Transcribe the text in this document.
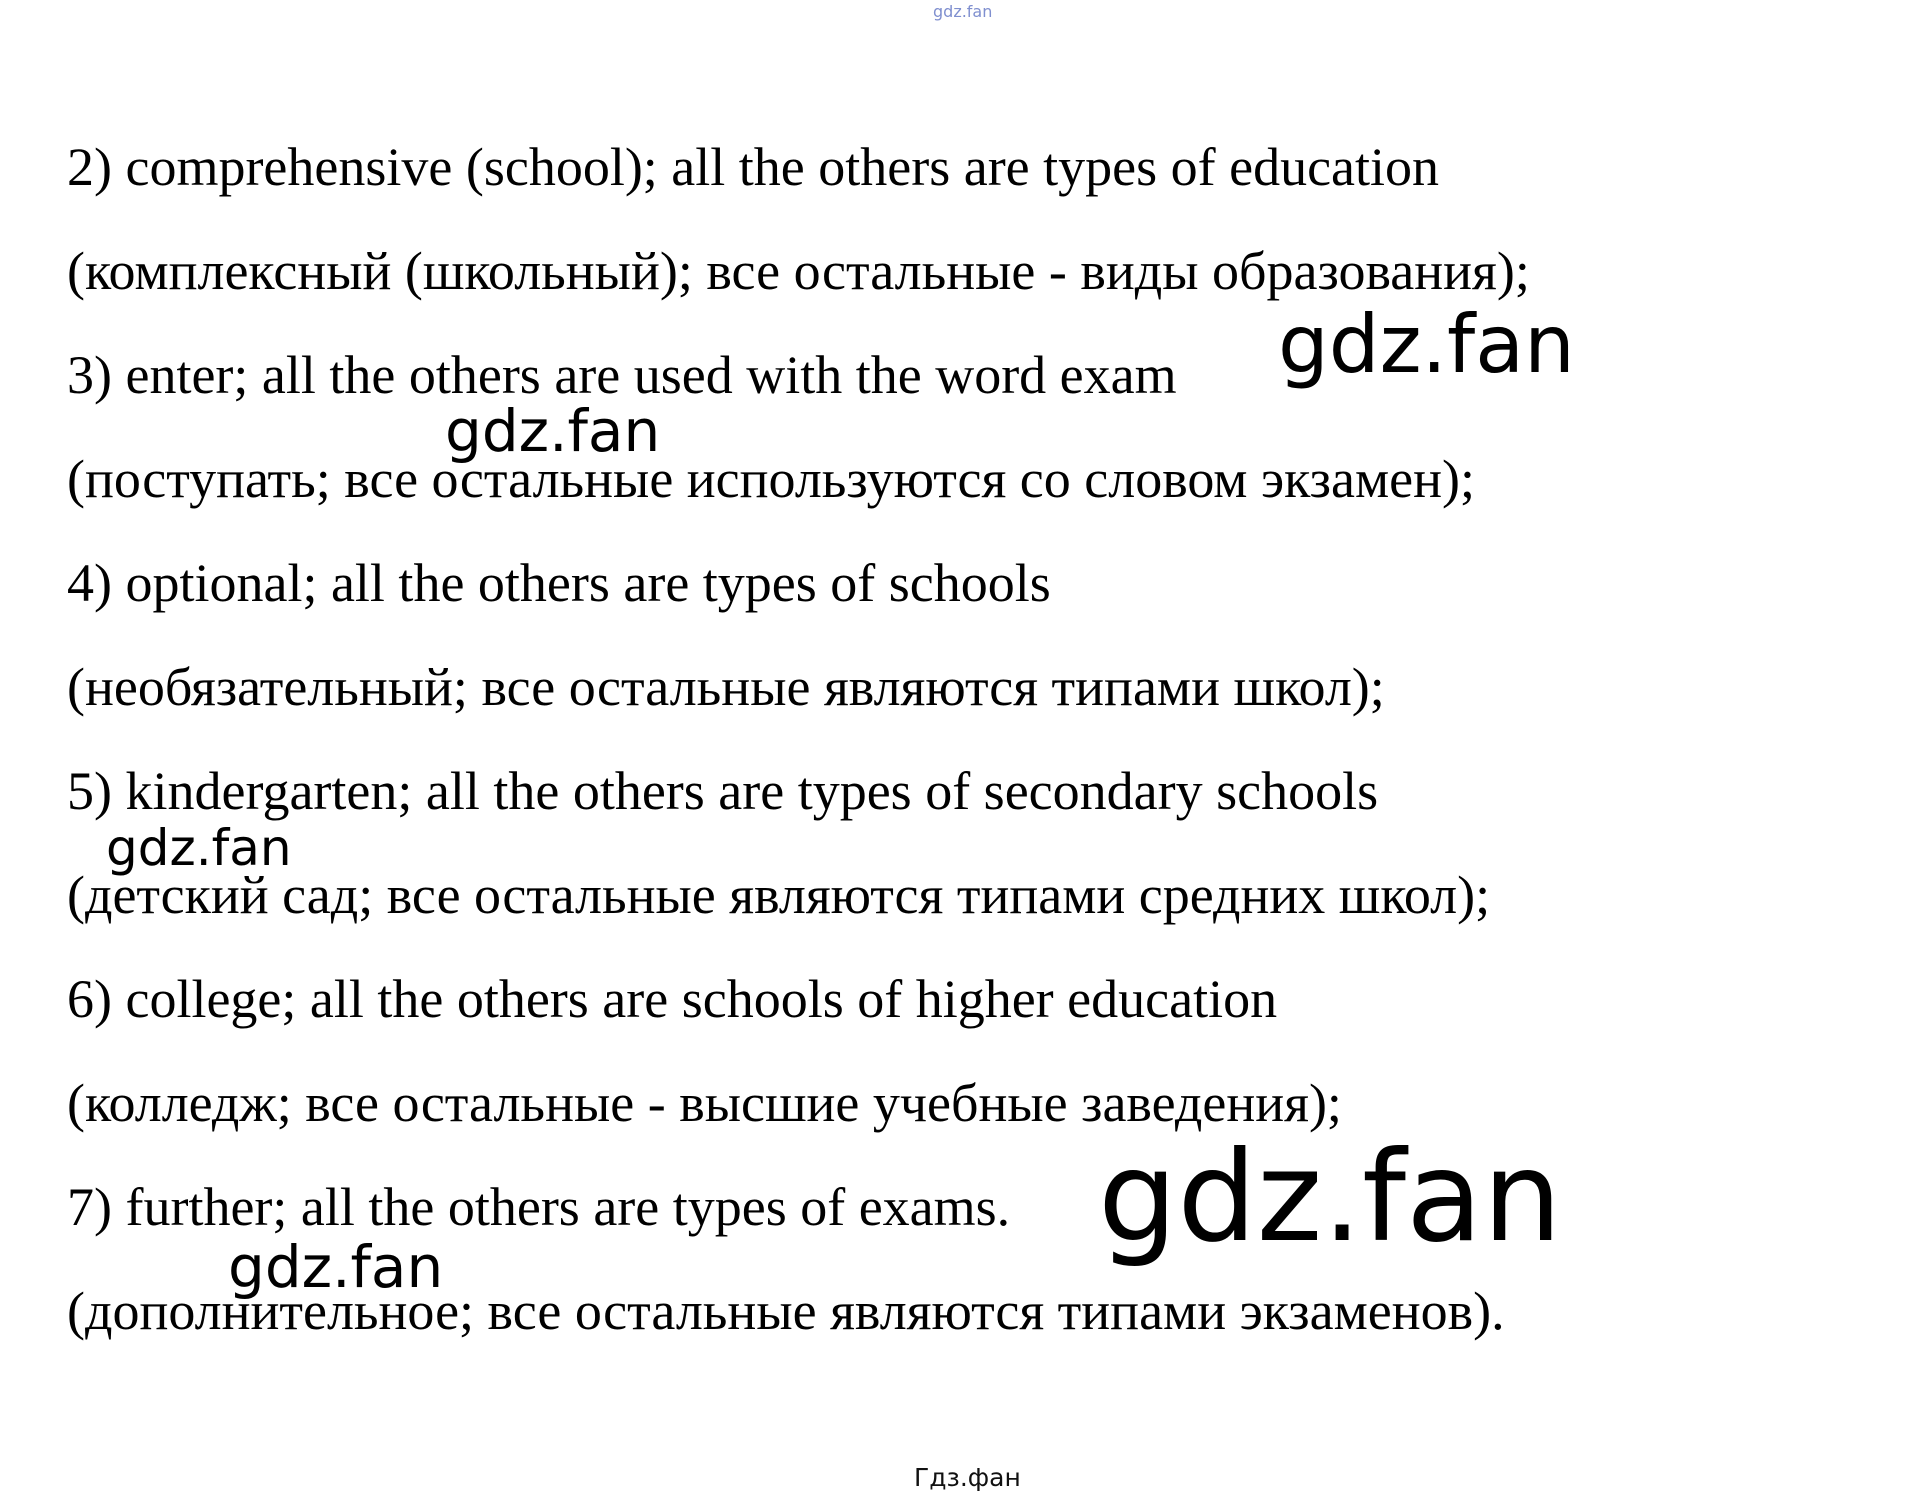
gdz.fan

2) comprehensive (school); all the others are types of education

(комплексный (школьный); все остальные - виды образования);

3) enter; all the others are used with the word exam

(поступать; все остальные используются со словом экзамен);

4) optional; all the others are types of schools

(необязательный; все остальные являются типами школ);

5) kindergarten; all the others are types of secondary schools

(детский сад; все остальные являются типами средних школ);

6) college; all the others are schools of higher education

(колледж; все остальные - высшие учебные заведения);

7) further; all the others are types of exams.

(дополнительное; все остальные являются типами экзаменов).

gdz.fan
gdz.fan
gdz.fan
gdz.fan
gdz.fan
Гдз.фан
